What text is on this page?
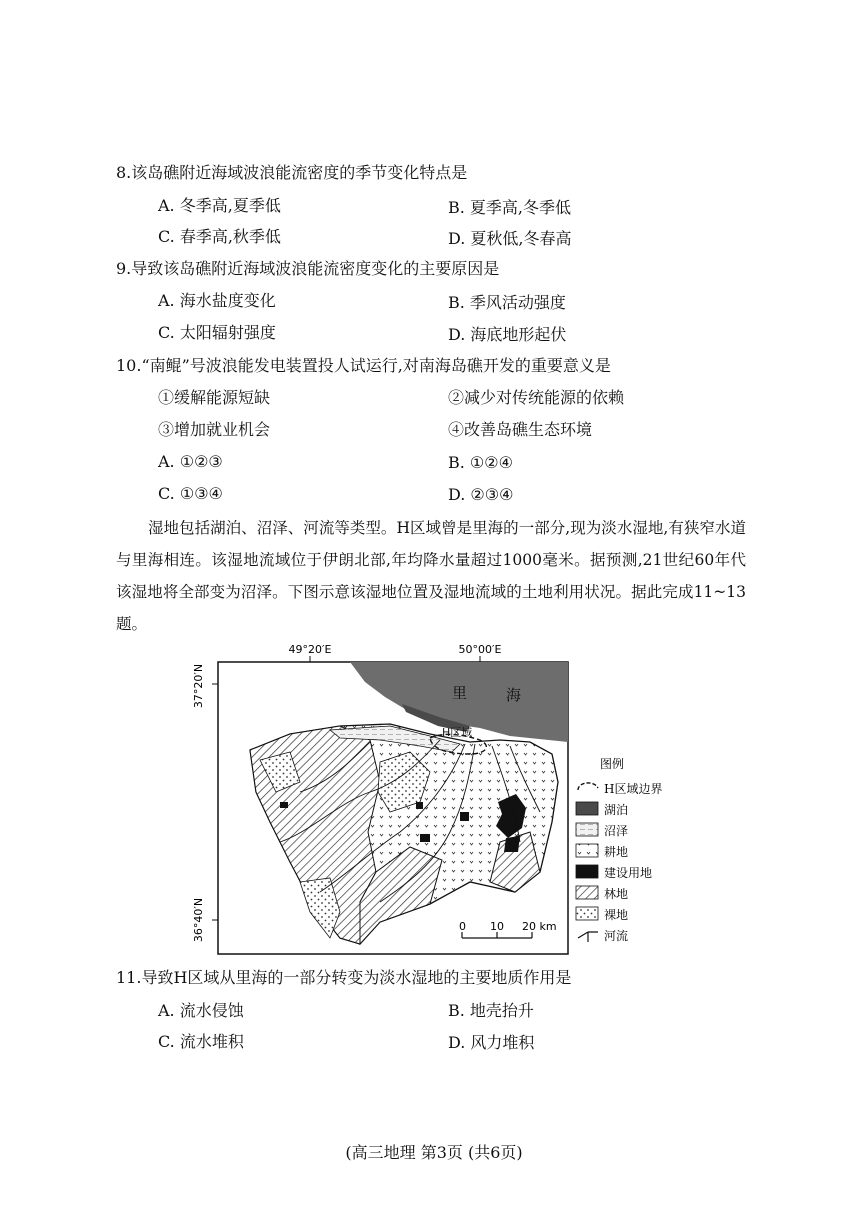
8.该岛礁附近海域波浪能流密度的季节变化特点是
A. 冬季高,夏季低	B. 夏季高,冬季低
C. 春季高,秋季低	D. 夏秋低,冬春高
9.导致该岛礁附近海域波浪能流密度变化的主要原因是
A. 海水盐度变化	B. 季风活动强度
C. 太阳辐射强度	D. 海底地形起伏
10.“南鲲”号波浪能发电装置投人试运行,对南海岛礁开发的重要意义是
①缓解能源短缺	②减少对传统能源的依赖
③增加就业机会	④改善岛礁生态环境
A. ①②③	B. ①②④
C. ①③④	D. ②③④

湿地包括湖泊、沼泽、河流等类型。H区域曾是里海的一部分,现为淡水湿地,有狭窄水道与里海相连。该湿地流域位于伊朗北部,年均降水量超过1000毫米。据预测,21世纪60年代该湿地将全部变为沼泽。下图示意该湿地位置及湿地流域的土地利用状况。据此完成11~13题。

49°20′E	50°00′E
37°20′N
36°40′N
里	海
H区域
0 10 20 km
图例
H区域边界
湖泊
沼泽
耕地
建设用地
林地
裸地
河流
11.导致H区域从里海的一部分转变为淡水湿地的主要地质作用是
A. 流水侵蚀	B. 地壳抬升
C. 流水堆积	D. 风力堆积
(高三地理 第3页 (共6页)
